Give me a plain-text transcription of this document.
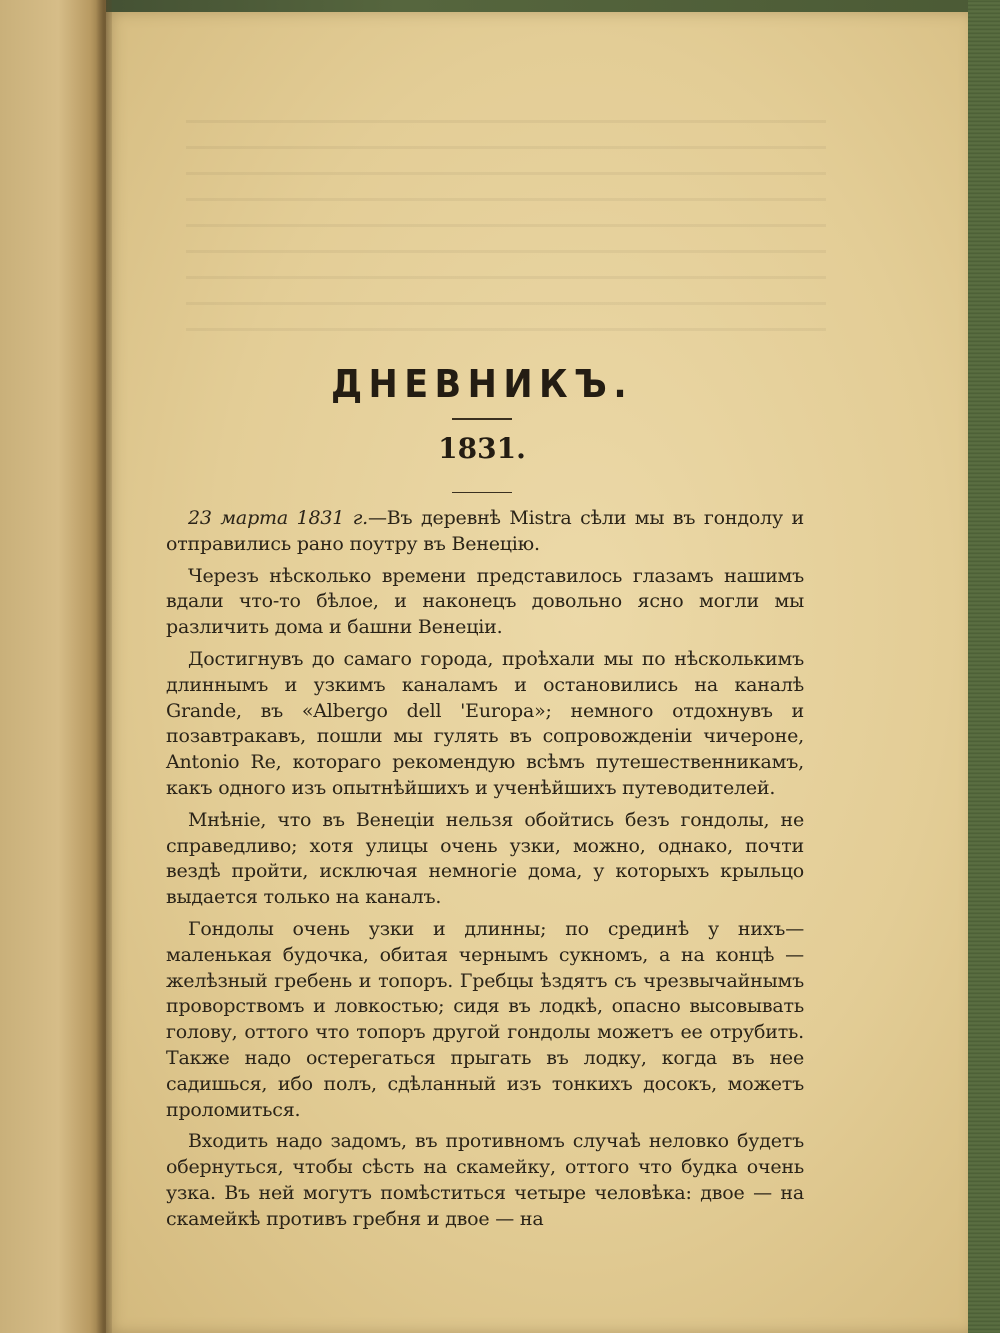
ДНЕВНИКЪ.
1831.

23 марта 1831 г.—Въ деревнѣ Mistra сѣли мы въ гондолу и отправились рано поутру въ Венецію.

Черезъ нѣсколько времени представилось глазамъ нашимъ вдали что-то бѣлое, и наконецъ довольно ясно могли мы различить дома и башни Венеціи.

Достигнувъ до самаго города, проѣхали мы по нѣсколькимъ длиннымъ и узкимъ каналамъ и остановились на каналѣ Grande, въ «Albergo dell 'Europa»; немного отдохнувъ и позавтракавъ, пошли мы гулять въ сопровожденіи чичероне, Antonio Re, котораго рекомендую всѣмъ путешественникамъ, какъ одного изъ опытнѣйшихъ и ученѣйшихъ путеводителей.

Мнѣніе, что въ Венеціи нельзя обойтись безъ гондолы, не справедливо; хотя улицы очень узки, можно, однако, почти вездѣ пройти, исключая немногіе дома, у которыхъ крыльцо выдается только на каналъ.

Гондолы очень узки и длинны; по срединѣ у нихъ—маленькая будочка, обитая чернымъ сукномъ, а на концѣ — желѣзный гребень и топоръ. Гребцы ѣздятъ съ чрезвычайнымъ проворствомъ и ловкостью; сидя въ лодкѣ, опасно высовывать голову, оттого что топоръ другой гондолы можетъ ее отрубить. Также надо остерегаться прыгать въ лодку, когда въ нее садишься, ибо полъ, сдѣланный изъ тонкихъ досокъ, можетъ проломиться.

Входить надо задомъ, въ противномъ случаѣ неловко будетъ обернуться, чтобы сѣсть на скамейку, оттого что будка очень узка. Въ ней могутъ помѣститься четыре человѣка: двое — на скамейкѣ противъ гребня и двое — на
